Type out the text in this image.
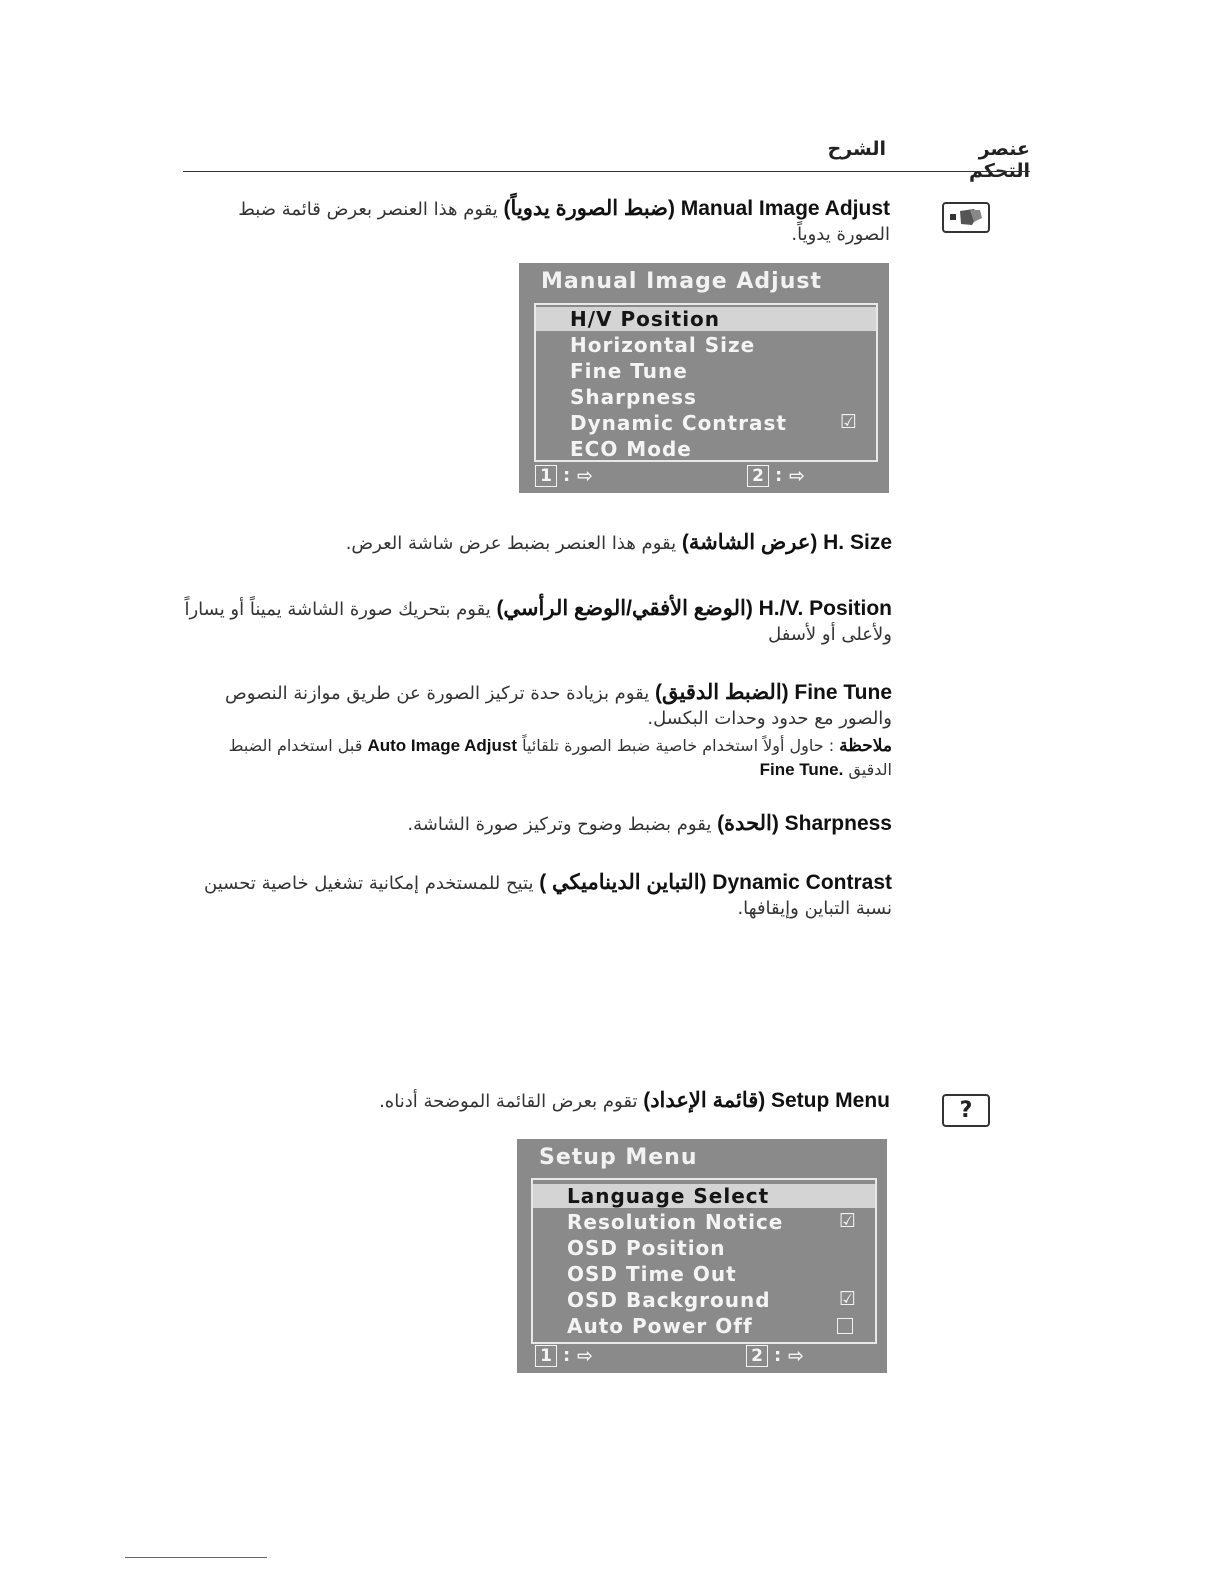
عنصر التحكم
الشرح
Manual Image Adjust (ضبط الصورة يدوياً) يقوم هذا العنصر بعرض قائمة ضبط الصورة يدوياً.
Manual Image Adjust
H/V Position
Horizontal Size
Fine Tune
Sharpness
Dynamic Contrast	☑
ECO Mode
1 : ⇨	2 : ⇨
H. Size (عرض الشاشة) يقوم هذا العنصر بضبط عرض شاشة العرض.
H./V. Position (الوضع الأفقي/الوضع الرأسي) يقوم بتحريك صورة الشاشة يميناً أو يساراً ولأعلى أو لأسفل
Fine Tune (الضبط الدقيق) يقوم بزيادة حدة تركيز الصورة عن طريق موازنة النصوص والصور مع حدود وحدات البكسل.
ملاحظة : حاول أولاً استخدام خاصية ضبط الصورة تلقائياً Auto Image Adjust قبل استخدام الضبط الدقيق Fine Tune.
Sharpness (الحدة) يقوم بضبط وضوح وتركيز صورة الشاشة.
Dynamic Contrast (التباين الديناميكي ) يتيح للمستخدم إمكانية تشغيل خاصية تحسين نسبة التباين وإيقافها.
?
Setup Menu (قائمة الإعداد) تقوم بعرض القائمة الموضحة أدناه.
Setup Menu
Language Select
Resolution Notice	☑
OSD Position
OSD Time Out
OSD Background	☑
Auto Power Off
1 : ⇨	2 : ⇨
